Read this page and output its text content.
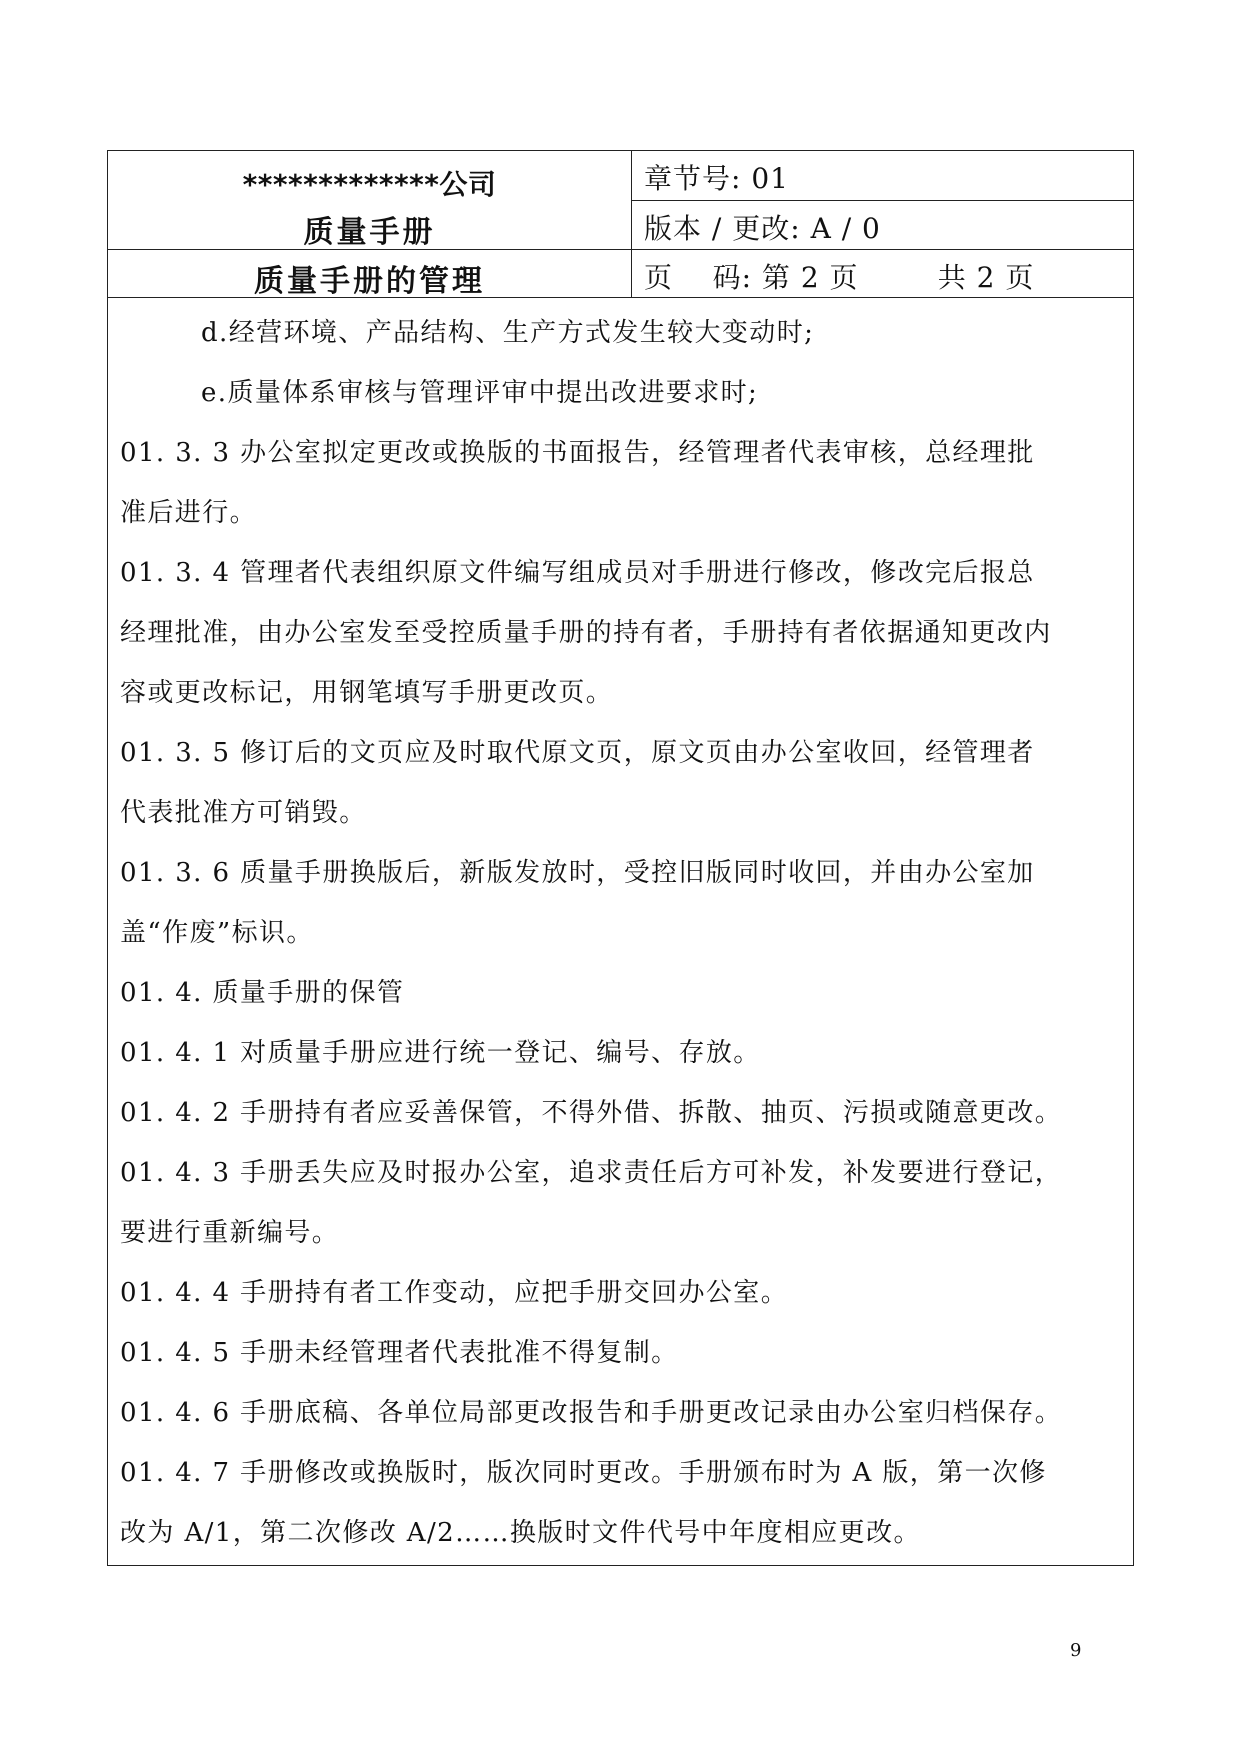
*************公司
质量手册
质量手册的管理
章节号: 01
版本 / 更改: A / 0
页    码: 第 2 页        共 2 页
d.经营环境、产品结构、生产方式发生较大变动时;
e.质量体系审核与管理评审中提出改进要求时;
01. 3. 3 办公室拟定更改或换版的书面报告，经管理者代表审核，总经理批
准后进行。
01. 3. 4 管理者代表组织原文件编写组成员对手册进行修改，修改完后报总
经理批准，由办公室发至受控质量手册的持有者，手册持有者依据通知更改内
容或更改标记，用钢笔填写手册更改页。
01. 3. 5 修订后的文页应及时取代原文页，原文页由办公室收回，经管理者
代表批准方可销毁。
01. 3. 6 质量手册换版后，新版发放时，受控旧版同时收回，并由办公室加
盖“作废”标识。
01. 4. 质量手册的保管
01. 4. 1 对质量手册应进行统一登记、编号、存放。
01. 4. 2 手册持有者应妥善保管，不得外借、拆散、抽页、污损或随意更改。
01. 4. 3 手册丢失应及时报办公室，追求责任后方可补发，补发要进行登记，
要进行重新编号。
01. 4. 4 手册持有者工作变动，应把手册交回办公室。
01. 4. 5 手册未经管理者代表批准不得复制。
01. 4. 6 手册底稿、各单位局部更改报告和手册更改记录由办公室归档保存。
01. 4. 7 手册修改或换版时，版次同时更改。手册颁布时为 A 版，第一次修
改为 A/1，第二次修改 A/2……换版时文件代号中年度相应更改。
9
